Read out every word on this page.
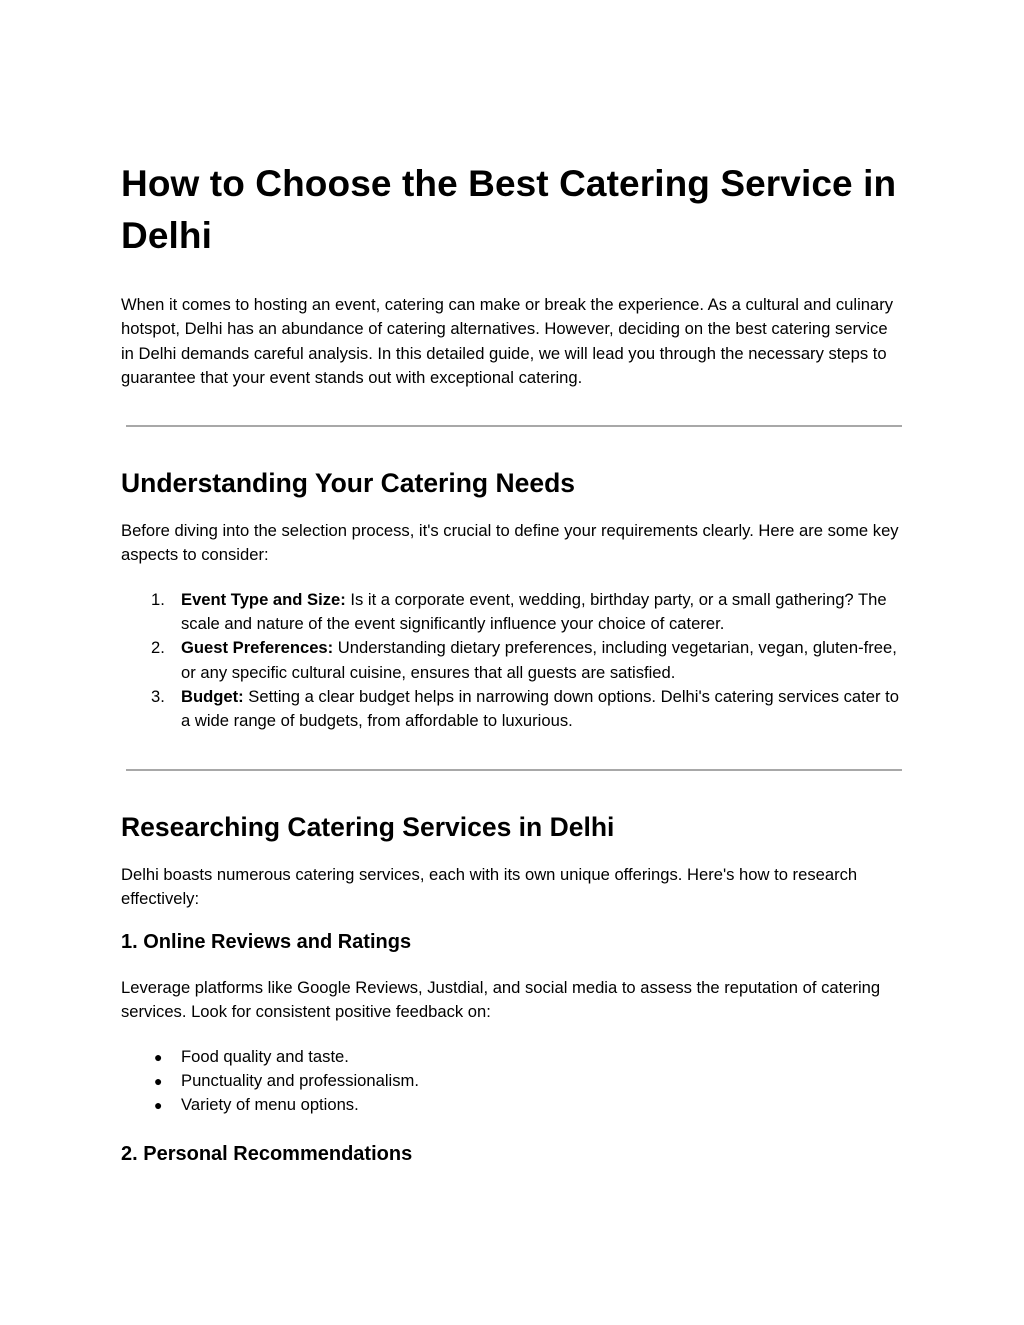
How to Choose the Best Catering Service in Delhi

When it comes to hosting an event, catering can make or break the experience. As a cultural and culinary hotspot, Delhi has an abundance of catering alternatives. However, deciding on the best catering service in Delhi demands careful analysis. In this detailed guide, we will lead you through the necessary steps to guarantee that your event stands out with exceptional catering.

Understanding Your Catering Needs

Before diving into the selection process, it's crucial to define your requirements clearly. Here are some key aspects to consider:

1. Event Type and Size: Is it a corporate event, wedding, birthday party, or a small gathering? The scale and nature of the event significantly influence your choice of caterer.
2. Guest Preferences: Understanding dietary preferences, including vegetarian, vegan, gluten-free, or any specific cultural cuisine, ensures that all guests are satisfied.
3. Budget: Setting a clear budget helps in narrowing down options. Delhi's catering services cater to a wide range of budgets, from affordable to luxurious.
Researching Catering Services in Delhi

Delhi boasts numerous catering services, each with its own unique offerings. Here's how to research effectively:

1. Online Reviews and Ratings

Leverage platforms like Google Reviews, Justdial, and social media to assess the reputation of catering services. Look for consistent positive feedback on:

● Food quality and taste.
● Punctuality and professionalism.
● Variety of menu options.
2. Personal Recommendations
